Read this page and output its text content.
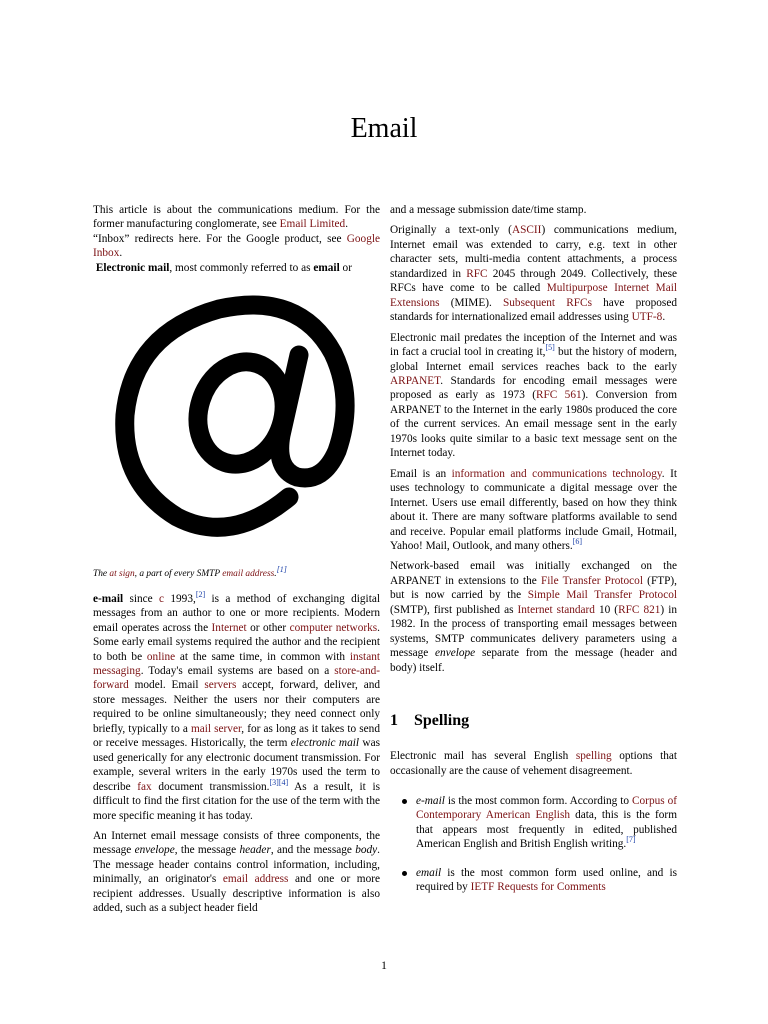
Email

This article is about the communications medium. For the former manufacturing conglomerate, see Email Limited.

“Inbox” redirects here. For the Google product, see Google Inbox.

Electronic mail, most commonly referred to as email or

The at sign, a part of every SMTP email address.[1]

e-mail since c 1993,[2] is a method of exchanging digital messages from an author to one or more recipients. Modern email operates across the Internet or other computer networks. Some early email systems required the author and the recipient to both be online at the same time, in common with instant messaging. Today's email systems are based on a store-and-forward model. Email servers accept, forward, deliver, and store messages. Neither the users nor their computers are required to be online simultaneously; they need connect only briefly, typically to a mail server, for as long as it takes to send or receive messages. Historically, the term electronic mail was used generically for any electronic document transmission. For example, several writers in the early 1970s used the term to describe fax document transmission.[3][4] As a result, it is difficult to find the first citation for the use of the term with the more specific meaning it has today.

An Internet email message consists of three components, the message envelope, the message header, and the message body. The message header contains control information, including, minimally, an originator's email address and one or more recipient addresses. Usually descriptive information is also added, such as a subject header field

and a message submission date/time stamp.

Originally a text-only (ASCII) communications medium, Internet email was extended to carry, e.g. text in other character sets, multi-media content attachments, a process standardized in RFC 2045 through 2049. Collectively, these RFCs have come to be called Multipurpose Internet Mail Extensions (MIME). Subsequent RFCs have proposed standards for internationalized email addresses using UTF-8.

Electronic mail predates the inception of the Internet and was in fact a crucial tool in creating it,[5] but the history of modern, global Internet email services reaches back to the early ARPANET. Standards for encoding email messages were proposed as early as 1973 (RFC 561). Conversion from ARPANET to the Internet in the early 1980s produced the core of the current services. An email message sent in the early 1970s looks quite similar to a basic text message sent on the Internet today.

Email is an information and communications technology. It uses technology to communicate a digital message over the Internet. Users use email differently, based on how they think about it. There are many software platforms available to send and receive. Popular email platforms include Gmail, Hotmail, Yahoo! Mail, Outlook, and many others.[6]

Network-based email was initially exchanged on the ARPANET in extensions to the File Transfer Protocol (FTP), but is now carried by the Simple Mail Transfer Protocol (SMTP), first published as Internet standard 10 (RFC 821) in 1982. In the process of transporting email messages between systems, SMTP communicates delivery parameters using a message envelope separate from the message (header and body) itself.

1 Spelling

Electronic mail has several English spelling options that occasionally are the cause of vehement disagreement.

e-mail is the most common form. According to Corpus of Contemporary American English data, this is the form that appears most frequently in edited, published American English and British English writing.[7]
email is the most common form used online, and is required by IETF Requests for Comments
1
